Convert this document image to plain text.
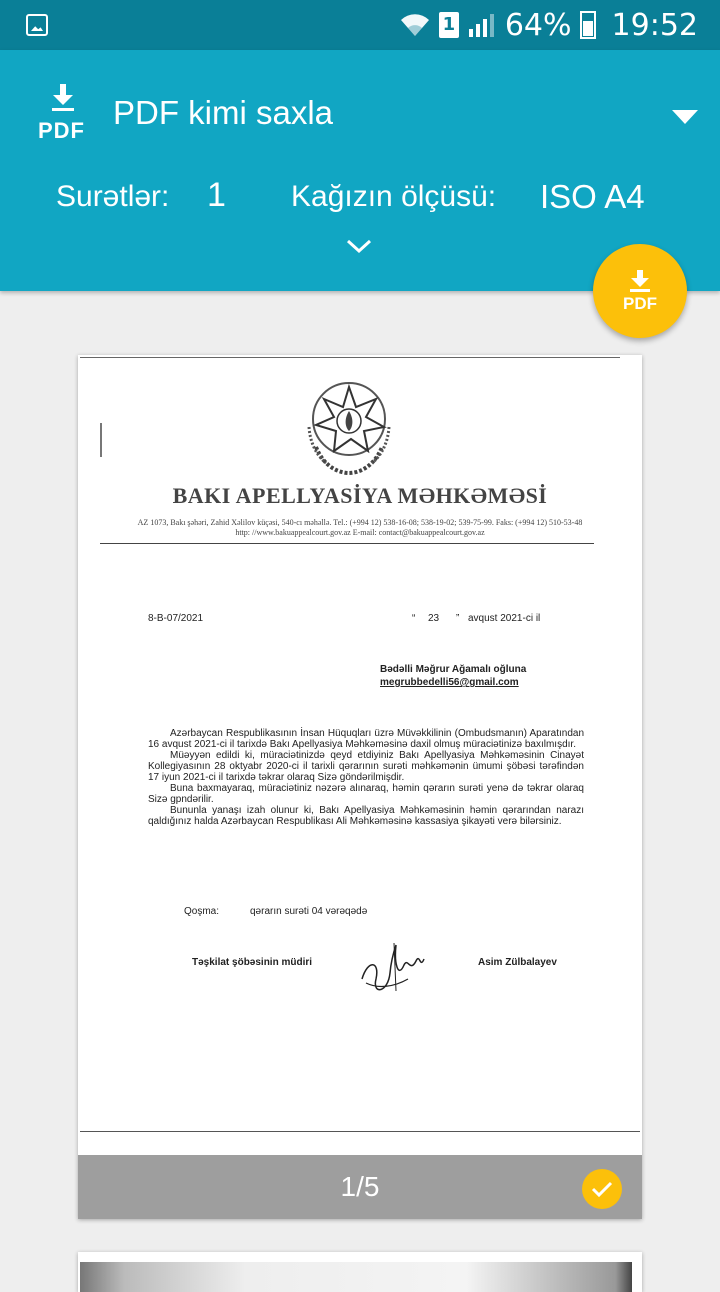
1 64% 19:52
PDF PDF kimi saxla
Surətlər: 1 Kağızın ölçüsü: ISO A4
PDF
BAKI APELLYASİYA MƏHKƏMƏSİ
AZ 1073, Bakı şəhəri, Zahid Xəlilov küçəsi, 540-cı məhəllə. Tel.: (+994 12) 538-16-08; 538-19-02; 539-75-99. Faks: (+994 12) 510-53-48
http: //www.bakuappealcourt.gov.az E-mail: contact@bakuappealcourt.gov.az
8-B-07/2021	“ 23 ” avqust 2021-ci il
Bədəlli Məğrur Ağamalı oğluna
megrubbedelli56@gmail.com

Azərbaycan Respublikasının İnsan Hüquqları üzrə Müvəkkilinin (Ombudsmanın) Aparatından 16 avqust 2021-ci il tarixdə Bakı Apellyasiya Məhkəməsinə daxil olmuş müraciətinizə baxılmışdır.

Müəyyən edildi ki, müraciətinizdə qeyd etdiyiniz Bakı Apellyasiya Məhkəməsinin Cinayət Kollegiyasının 28 oktyabr 2020-ci il tarixli qərarının surəti məhkəmənin ümumi şöbəsi tərəfindən 17 iyun 2021-ci il tarixdə təkrar olaraq Sizə göndərilmişdir.

Buna baxmayaraq, müraciətiniz nəzərə alınaraq, həmin qərarın surəti yenə də təkrar olaraq Sizə gpndərilir.

Bununla yanaşı izah olunur ki, Bakı Apellyasiya Məhkəməsinin həmin qərarından narazı qaldığınız halda Azərbaycan Respublikası Ali Məhkəməsinə kassasiya şikayəti verə bilərsiniz.

Qoşma:	qərarın surəti 04 vərəqədə
Təşkilat şöbəsinin müdiri	Asim Zülbalayev
1/5
